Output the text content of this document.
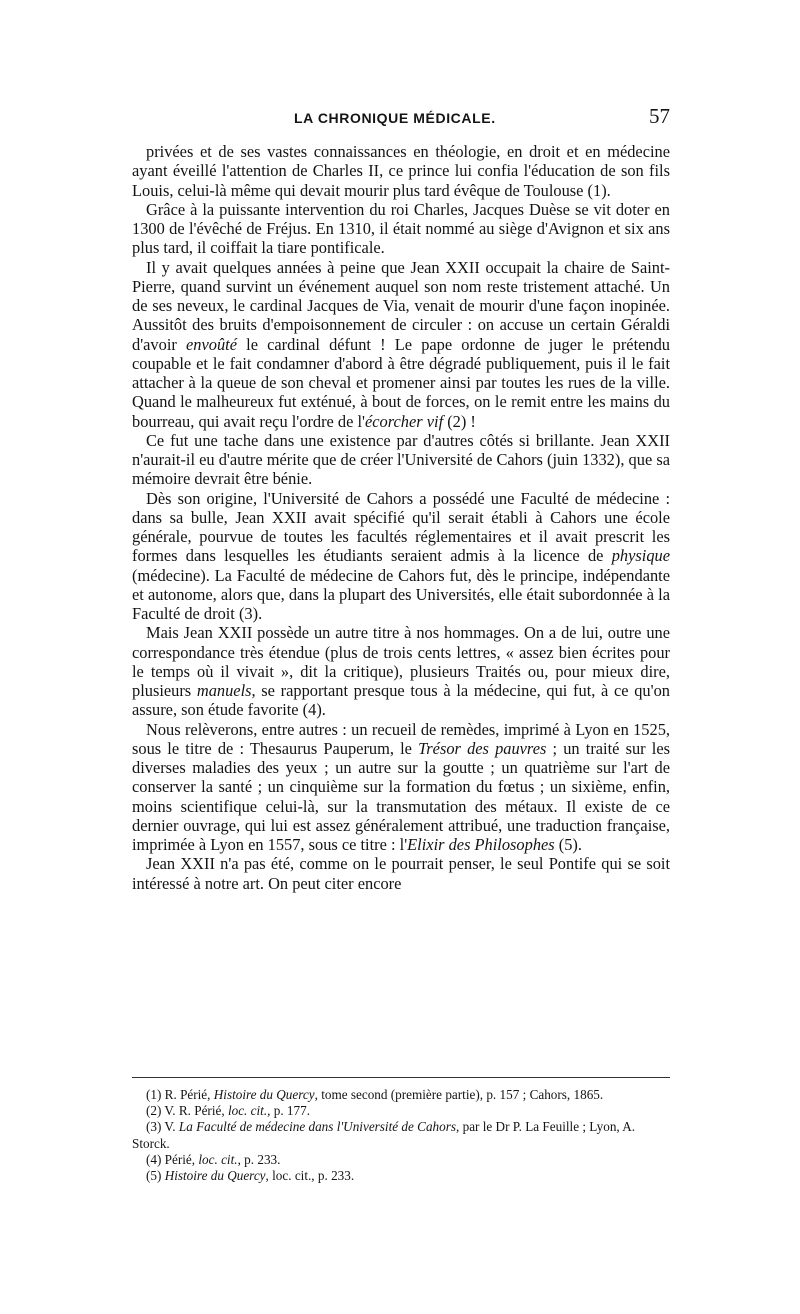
LA CHRONIQUE MÉDICALE.	57

privées et de ses vastes connaissances en théologie, en droit et en médecine ayant éveillé l'attention de Charles II, ce prince lui confia l'éducation de son fils Louis, celui-là même qui devait mourir plus tard évêque de Toulouse (1).

Grâce à la puissante intervention du roi Charles, Jacques Duèse se vit doter en 1300 de l'évêché de Fréjus. En 1310, il était nommé au siège d'Avignon et six ans plus tard, il coiffait la tiare pontificale.

Il y avait quelques années à peine que Jean XXII occupait la chaire de Saint-Pierre, quand survint un événement auquel son nom reste tristement attaché. Un de ses neveux, le cardinal Jacques de Via, venait de mourir d'une façon inopinée. Aussitôt des bruits d'empoisonnement de circuler : on accuse un certain Géraldi d'avoir envoûté le cardinal défunt ! Le pape ordonne de juger le prétendu coupable et le fait condamner d'abord à être dégradé publiquement, puis il le fait attacher à la queue de son cheval et promener ainsi par toutes les rues de la ville. Quand le malheureux fut exténué, à bout de forces, on le remit entre les mains du bourreau, qui avait reçu l'ordre de l'écorcher vif (2) !

Ce fut une tache dans une existence par d'autres côtés si brillante. Jean XXII n'aurait-il eu d'autre mérite que de créer l'Université de Cahors (juin 1332), que sa mémoire devrait être bénie.

Dès son origine, l'Université de Cahors a possédé une Faculté de médecine : dans sa bulle, Jean XXII avait spécifié qu'il serait établi à Cahors une école générale, pourvue de toutes les facultés réglementaires et il avait prescrit les formes dans lesquelles les étudiants seraient admis à la licence de physique (médecine). La Faculté de médecine de Cahors fut, dès le principe, indépendante et autonome, alors que, dans la plupart des Universités, elle était subordonnée à la Faculté de droit (3).

Mais Jean XXII possède un autre titre à nos hommages. On a de lui, outre une correspondance très étendue (plus de trois cents lettres, « assez bien écrites pour le temps où il vivait », dit la critique), plusieurs Traités ou, pour mieux dire, plusieurs manuels, se rapportant presque tous à la médecine, qui fut, à ce qu'on assure, son étude favorite (4).

Nous relèverons, entre autres : un recueil de remèdes, imprimé à Lyon en 1525, sous le titre de : Thesaurus Pauperum, le Trésor des pauvres ; un traité sur les diverses maladies des yeux ; un autre sur la goutte ; un quatrième sur l'art de conserver la santé ; un cinquième sur la formation du fœtus ; un sixième, enfin, moins scientifique celui-là, sur la transmutation des métaux. Il existe de ce dernier ouvrage, qui lui est assez généralement attribué, une traduction française, imprimée à Lyon en 1557, sous ce titre : l'Elixir des Philosophes (5).

Jean XXII n'a pas été, comme on le pourrait penser, le seul Pontife qui se soit intéressé à notre art. On peut citer encore

(1) R. Périé, Histoire du Quercy, tome second (première partie), p. 157 ; Cahors, 1865.

(2) V. R. Périé, loc. cit., p. 177.

(3) V. La Faculté de médecine dans l'Université de Cahors, par le Dr P. La Feuille ; Lyon, A. Storck.

(4) Périé, loc. cit., p. 233.

(5) Histoire du Quercy, loc. cit., p. 233.
